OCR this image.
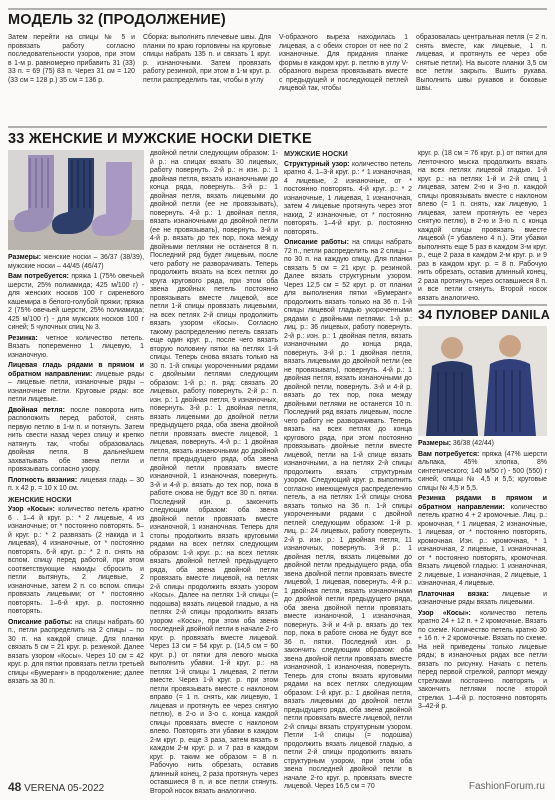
МОДЕЛЬ 32 (ПРОДОЛЖЕНИЕ)

Затем перейти на спицы № 5 и провязать работу согласно последовательности узоров, при этом в 1-м р. равномерно прибавить 31 (33) 33 п. = 69 (75) 83 п. Через 31 см = 120 (33 см = 128 р.) 35 см = 136 р.

Сборка: выполнить плечевые швы. Для планки по краю горловины на круговые спицы набрать 135 п. и связать 1 круг. р. изнаночными. Затем провязать работу резинкой, при этом в 1-м круг. р. петли распределить так, чтобы в углу

V-образного выреза находилась 1 лицевая, а с обеих сторон от нее по 2 изнаночные. Для придания планке формы в каждом круг. р. петлю в углу V-образного выреза провязывать вместе с предыдущей и последующей петлей лицевой так, чтобы

образовалась центральная петля (= 2 п. снять вместе, как лицевые, 1 п. лицевая, и протянуть ее через обе снятые петли). На высоте планки 3,5 см все петли закрыть. Вшить рукава. Выполнить швы рукавов и боковые швы.

33 ЖЕНСКИЕ И МУЖСКИЕ НОСКИ DIETKE

Размеры: женские носки – 36/37 (38/39), мужские носки – 44/45 (46/47)

Вам потребуется: пряжа 1 (75% овечьей шерсти, 25% полиамида; 425 м/100 г) - для женских носков 100 г сиреневого кашемира в белого-голубой пряжи; пряжа 2 (75% овечьей шерсти, 25% полиамида; 425 м/100 г) - для мужских носков 100 г синей; 5 чулочных спиц № 3.

Резинка: четное количество петель. Вязать попеременно 1 лицевую, 1 изнаночную.

Лицевая гладь рядами в прямом и обратном направлении: лицевые ряды – лицевые петли, изнаночные ряды – изнаночные петли. Круговые ряды: все петли лицевые.

Двойная петля: после поворота нить расположить перед работой, снять первую петлю в 1-м п. и потянуть. Затем нить свести назад через спицу и крепко натянуть так, чтобы образовалась двойная петля. В дальнейшем захватывать обе звена петли и провязывать согласно узору.

Плотность вязания: лицевая гладь – 30 п. х 42 р. = 10 х 10 см.

ЖЕНСКИЕ НОСКИ

Узор «Косы»: количество петель кратно 6 . 1–4 й круг. р.: * 2 лицевые, 4 из изнаночные; от * постоянно повторять. 5–й круг. р.: * 2 развязать (2 накида и 1 лицевая), 4 изнаночные, от * постоянно повторять. 6-й круг. р.: * 2 п. снять на вспом. спицу перед работой, при этом соответствующие накиды сбросить и петли вытянуть, 2 лицевые, 2 изнаночные, затем 2 п. со вспом. спицы провязать лицевыми; от * постоянно повторять. 1–6-й круг. р. постоянно повторять.

Описание работы: на спицы набрать 60 п., петли распределить на 2 спицы – по 30 п. на каждой спице. Для планки связать 5 см = 21 круг. р. резинкой. Далее вязать узором «Косы». Через 10 см = 42 круг. р. для пятки провязать петли третьей спицы «Бумеранг» в продолжение; далее вязать за 30 п.

двойной петли следующим образом: 1-й р.: на спицах вязать 30 лицевых, работу повернуть. 2-й р.: н изн. р.: 1 двойная петля, вязать изнаночными до конца ряда, повернуть. 3-й р.: 1 двойная петля, вязать лицевыми до двойной петли (ее не провязывать), повернуть. 4-й р.: 1 двойная петля, вязать изнаночными до двойной петли (ее не провязывать), повернуть. 3-й и 4-й р. вязать до тех пор, пока между двойными петлями не останется 8 п. Последний ряд будет лицевым, после чего работу не разворачивать. Теперь продолжить вязать на всех петлях до круга кругового ряда, при этом оба звена двойных петель постоянно провязывать вместе лицевой, все петли 1-й спицы провязать лицевыми, на всех петлях 2-й спицы продолжить вязать узором «Косы». Согласно такому распределению петель связать еще один круг. р., после чего вязать вторую половину пятки на петлях 1-й спицы. Теперь снова вязать только на 30 п. 1-й спицы укороченными рядами с двойными петлями следующим образом: 1-й р.: п. ряд: связать 20 лицевых, работу повернуть. 2-й р.: п. изн. р.: 1 двойная петля, 9 изнаночных, повернуть. 3-й р.: 1 двойная петля, вязать лицевыми до двойной петли предыдущего ряда, оба звена двойной петли провязать вместе лицевой, 1 лицевая, повернуть. 4-й р.: 1 двойная петля, вязать изнаночными до двойной петли предыдущего ряда, оба звена двойной петли провязать вместе изнаночной, 1 изнаночная, повернуть. 3-й и 4-й р. вязать до тех пор, пока в работе снова не будут все 30 п. пятки. Последний изн. р. закончить следующим образом: оба звена двойной петли провязать вместе изнаночной, 1 изнаночная. Теперь для стопы продолжить вязать круговыми рядами на всех петлях следующим образом: 1-й круг. р.: на всех петлях вязать двойной петлей предыдущего ряда, оба звена двойной петли провязать вместе лицевой, на петлях 2-й спицы продолжить вязать узором «Косы». Далее на петлях 1-й спицы (= подошва) вязать лицевой гладью, а на петлях 2-й спицы продолжить вязать узором «Косы», при этом оба звена последней двойной петли в начале 2-го круг. р. провязать вместе лицевой. Через 13 см = 54 круг. р. (14,5 см = 60 круг. р.) от пятки для левого мыска выполнить убавки. 1-й круг. р.: на петлях 1-й спицы 1 лицевая, 2 петли вместе. Через 1-й круг. р. при этом петли провязывать вместе с наклоном вправо (= 1 п. снять, как лицевую, 1 лицевая и протянуть ее через снятую петлю), в 2-о и 3-о с. конца каждой спицы провязать вместе с наклоном влево. Повторять эти убавки в каждом 2-м круг. р. еще 3 раза, затем вязать в каждом 2-м круг. р. и 7 раз в каждом круг. р. таким же образом = 8 п. Рабочую нить обрезать, оставив длинный конец, 2 раза протянуть через оставшиеся 8 п. и все петли стянуть. Второй носок вязать аналогично.

МУЖСКИЕ НОСКИ

Структурный узор: количество петель кратно 4. 1–3-й круг. р.: * 1 изнаночная, 4 лицевые, 2 изнаночные, от * постоянно повторять. 4-й круг. р.: * 2 изнаночные, 1 лицевая, 1 изнаночная, затем 4 лицевые протянуть через этот накид, 2 изнаночные, от * постоянно повторять. 1–4-й круг. р. постоянно повторять.

Описание работы: на спицы набрать 72 п., петли распределить на 2 спицы – по 30 п. на каждую спицу. Для планки связать 5 см = 21 круг. р. резинкой. Далее вязать структурным узором. Через 12,5 см = 52 круг. р. от планки для выполнения пятки «Бумеранг» продолжить вязать только на 36 п. 1-й спицы лицевой гладью укороченными рядами с двойными петлями: 1-й р.: лиц. р.: 36 лицевых, работу повернуть. 2-й р.: изн. р.: 1 двойная петля, вязать изнаночными до конца ряда, повернуть. 3-й р.: 1 двойная петля, вязать лицевыми до двойной петли (ее не провязывать), повернуть. 4-й р.: 1 двойная петля, вязать изнаночными до двойной петли, повернуть. 3-й и 4-й р. вязать до тех пор, пока между двойными петлями не останется 10 п. Последний ряд вязать лицевым, после чего работу не разворачивать. Теперь вязать на всех петлях до конца кругового ряда, при этом постоянно провязывать двойные петли вместе лицевой, петли на 1-й спице вязать изнаночными, а на петлях 2-й спицы продолжить вязать структурным узором. Следующий круг. р. выполнить согласно имеющемуся распределению петель, а на петлях 1-й спицы снова вязать только на 36 п. 1-й спицы укороченными рядами с двойной петлей следующим образом: 1-й р. лиц. р.: 24 лицевых, работу повернуть. 2-й р. изн. р.: 1 двойная петля, 11 изнаночных, повернуть. 3-й р.: 1 двойная петля, вязать лицевыми до двойной петли предыдущего ряда, оба звена двойной петли провязать вместе лицевой, 1 лицевая, повернуть. 4-й р.: 1 двойная петля, вязать изнаночными до двойной петли предыдущего ряда, оба звена двойной петли провязать вместе изнаночной, 1 изнаночная, повернуть. 3-й и 4-й р. вязать до тех пор, пока в работе снова не будут все 36 п. пятки. Последний изн. р. закончить следующим образом: оба звена двойной петли провязать вместе изнаночной, 1 изнаночная, повернуть. Теперь для стопы вязать круговыми рядами на всех петлях следующим образом: 1-й круг. р.: 1 двойная петля, вязать лицевыми до двойной петли предыдущего ряда, оба звена двойной петли провязать вместе лицевой, петли 2-й спицы вязать структурным узором. Петли 1-й спицы (= подошва) продолжить вязать лицевой гладью, а петли 2-й спицы продолжить вязать структурным узором, при этом оба звена последней двойной петли в начале 2-го круг. р. провязать вместе лицевой. Через 16,5 см = 70

круг. р. (18 см = 76 круг. р.) от пятки для ленточного мыска продолжить вязать на всех петлях лицевой гладью. 1-й круг. р.: на петлях 1-й и 2-й спиц 1 лицевая, затем 2-ю и 3-ю п. каждой спицы провязывать вместе с наклоном влево (= 1 п. снять, как лицевую, 1 лицевая, затем протянуть ее через снятую петлю), в 2-ю и 3-ю п. с конца каждой спицы провязать вместе лицевой (= убавлено 4 п.). Эти убавки выполнять еще 5 раз в каждом 3-м круг. р., еще 2 раза в каждом 2-м круг. р. и 9 раз в каждом круг. р. = 8 п. Рабочую нить обрезать, оставив длинный конец, 2 раза протянуть через оставшиеся 8 п. и все петли стянуть. Второй носок вязать аналогично.

34 ПУЛОВЕР DANILA

Размеры: 36/38 (42/44)

Вам потребуется: пряжа (47% шерсти альпака, 45% хлопка, 8% синтетического; 140 м/50 г) - 500 (550) г синей; спицы № 4,5 и 5,5; круговые спицы № 4,5 и 5,5.

Резинка рядами в прямом и обратном направлении: количество петель кратно 4 + 2 кромочные. Лиц. р.: кромочная, * 1 лицевая, 2 изнаночные, 1 лицевая, от * постоянно повторять, кромочная. Изн. р.: кромочная, * 1 изнаночная, 2 лицевые, 1 изнаночная, от * постоянно повторять, кромочная. Вязать лицевой гладью: 1 изнаночная, 2 лицевые, 1 изнаночная, 2 лицевые, 1 изнаночная, 4 лицевые.

Платочная вязка: лицевые и изнаночные ряды вязать лицевыми.

Узор «Косы»: количество петель кратно 24 + 12 п. + 2 кромочные. Вязать по схеме. Количество петель кратно 30 + 16 п. + 2 кромочные. Вязать по схеме. На ней приведены только лицевые ряды; в изнаночных рядах все петли вязать по рисунку. Начать с петель перед первой стрелкой, раппорт между стрелками постоянно повторять и закончить петлями после второй стрелки. 1–4-й р. постоянно повторять 3–42-й р.

48 VERENA 05-2022	FashionForum.ru
